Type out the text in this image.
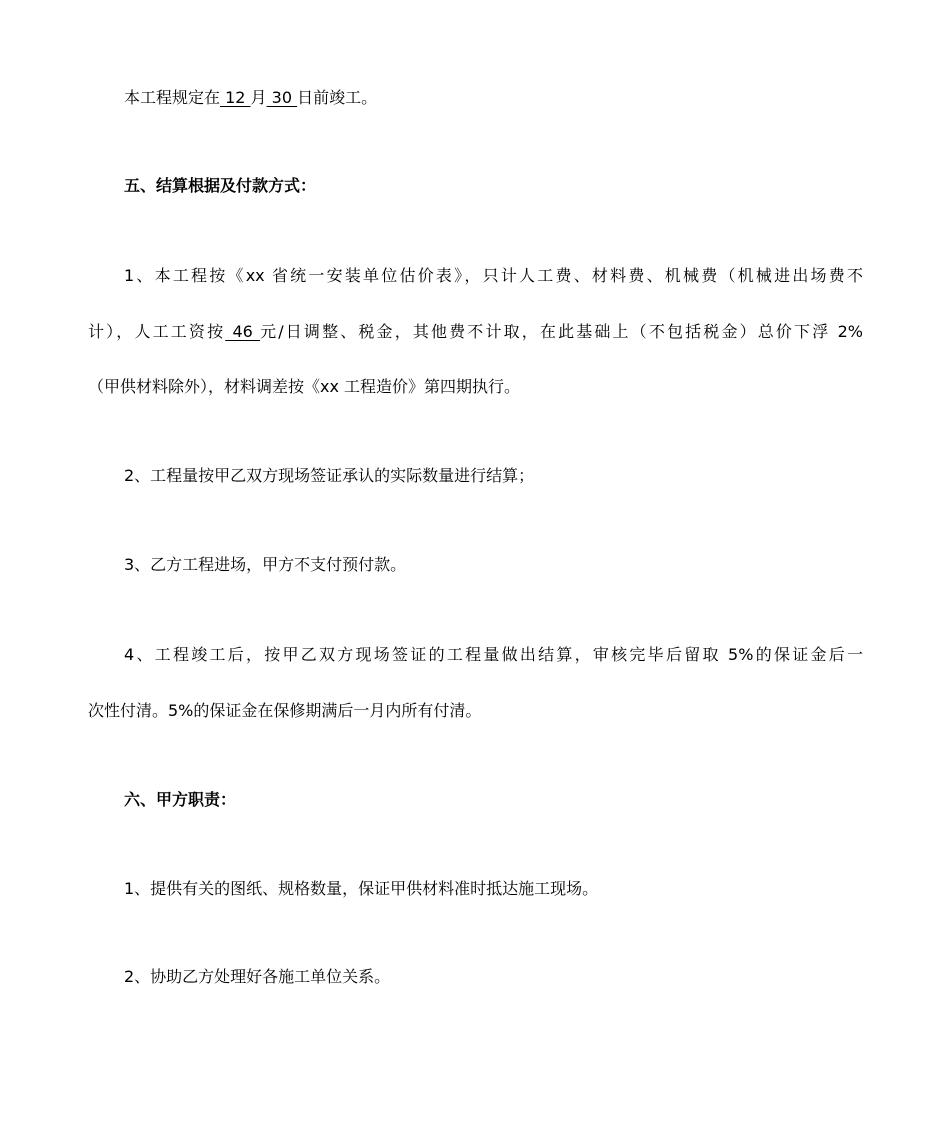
本工程规定在 12 月 30 日前竣工。
五、结算根据及付款方式：
1、本工程按《xx 省统一安装单位估价表》，只计人工费、材料费、机械费（机械进出场费不
计），人工工资按 46 元/日调整、税金，其他费不计取，在此基础上（不包括税金）总价下浮 2%
（甲供材料除外），材料调差按《xx 工程造价》第四期执行。
2、工程量按甲乙双方现场签证承认的实际数量进行结算；
3、乙方工程进场，甲方不支付预付款。
4、工程竣工后，按甲乙双方现场签证的工程量做出结算，审核完毕后留取 5%的保证金后一
次性付清。5%的保证金在保修期满后一月内所有付清。
六、甲方职责：
1、提供有关的图纸、规格数量，保证甲供材料准时抵达施工现场。
2、协助乙方处理好各施工单位关系。
